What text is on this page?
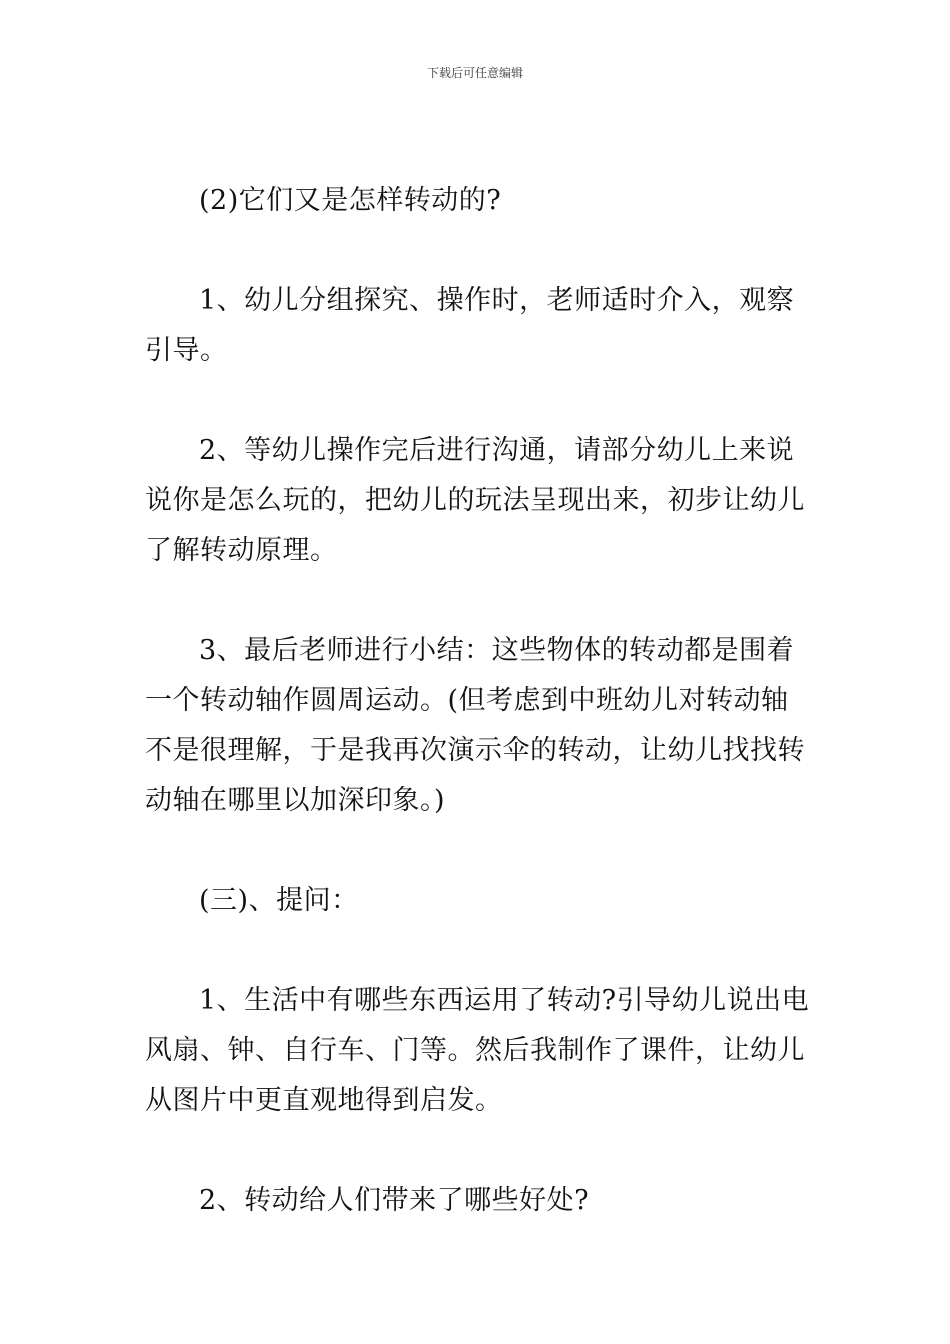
下载后可任意编辑

(2)它们又是怎样转动的?

1、幼儿分组探究、操作时，老师适时介入，观察引导。

2、等幼儿操作完后进行沟通，请部分幼儿上来说说你是怎么玩的，把幼儿的玩法呈现出来，初步让幼儿了解转动原理。

3、最后老师进行小结：这些物体的转动都是围着一个转动轴作圆周运动。(但考虑到中班幼儿对转动轴不是很理解，于是我再次演示伞的转动，让幼儿找找转动轴在哪里以加深印象。)

(三)、提问：

1、生活中有哪些东西运用了转动?引导幼儿说出电风扇、钟、自行车、门等。然后我制作了课件，让幼儿从图片中更直观地得到启发。

2、转动给人们带来了哪些好处?
